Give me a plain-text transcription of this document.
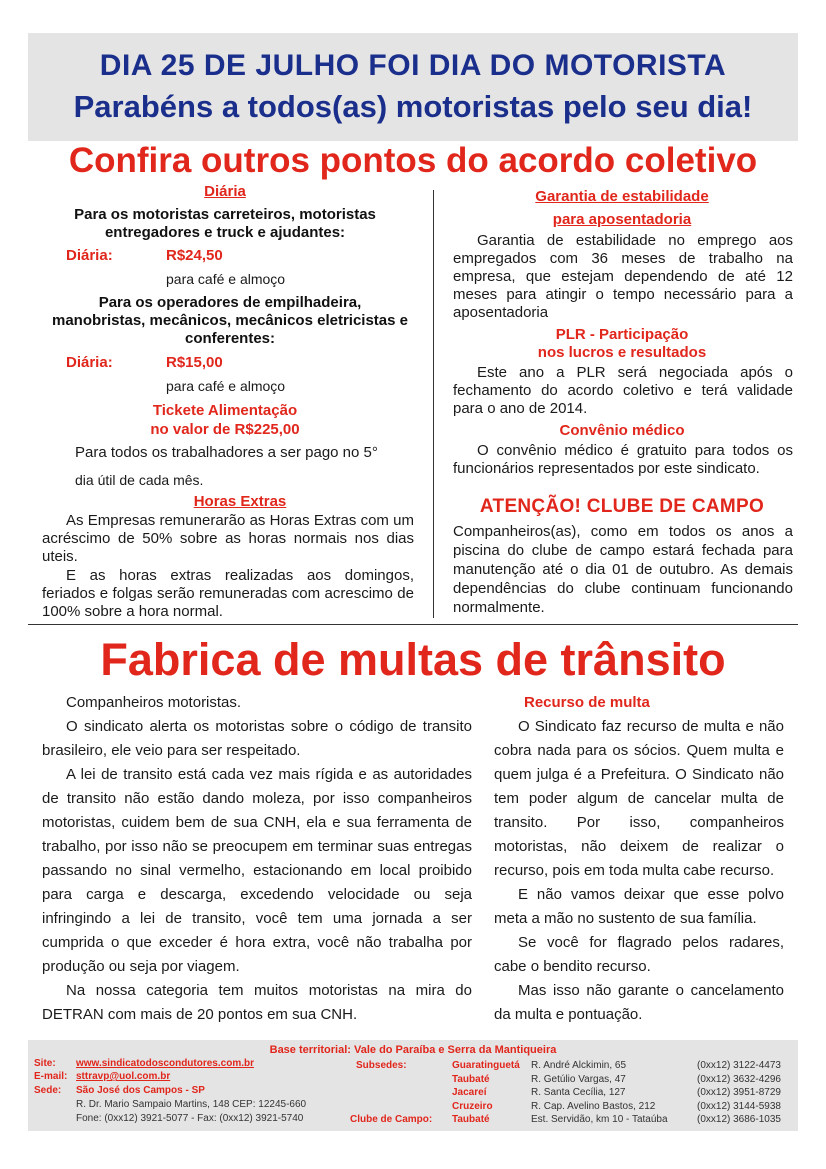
DIA 25 DE JULHO FOI DIA DO MOTORISTA
Parabéns a todos(as) motoristas pelo seu dia!
Confira outros pontos do acordo coletivo
Diária
Para os motoristas carreteiros, motoristas entregadores e truck e ajudantes:
Diária:	R$24,50
para café e almoço
Para os operadores de empilhadeira, manobristas, mecânicos, mecânicos eletricistas e conferentes:
Diária:	R$15,00
para café e almoço
Tickete Alimentação
no valor de R$225,00
Para todos os trabalhadores a ser pago no 5°
dia útil de cada mês.
Horas Extras
As Empresas remunerarão as Horas Extras com um acréscimo de 50% sobre as horas normais nos dias uteis.
E as horas extras realizadas aos domingos, feriados e folgas serão remuneradas com acrescimo de 100% sobre a hora normal.
Garantia de estabilidade
para aposentadoria
Garantia de estabilidade no emprego aos empregados com 36 meses de trabalho na empresa, que estejam dependendo de até 12 meses para atingir o tempo necessário para a aposentadoria
PLR - Participação
nos lucros e resultados
Este ano a PLR será negociada após o fechamento do acordo coletivo e terá validade para o ano de 2014.
Convênio médico
O convênio médico é gratuito para todos os funcionários representados por este sindicato.
ATENÇÃO! CLUBE DE CAMPO
Companheiros(as), como em todos os anos a piscina do clube de campo estará fechada para manutenção até o dia 01 de outubro. As demais dependências do clube continuam funcionando normalmente.
Fabrica de multas de trânsito
Companheiros motoristas.
O sindicato alerta os motoristas sobre o código de transito brasileiro, ele veio para ser respeitado.
A lei de transito está cada vez mais rígida e as autoridades de transito não estão dando moleza, por isso companheiros motoristas, cuidem bem de sua CNH, ela e sua ferramenta de trabalho, por isso não se preocupem em terminar suas entregas passando no sinal vermelho, estacionando em local proibido para carga e descarga, excedendo velocidade ou seja infringindo a lei de transito, você tem uma jornada a ser cumprida o que exceder é hora extra, você não trabalha por produção ou seja por viagem.
Na nossa categoria tem muitos motoristas na mira do DETRAN com mais de 20 pontos em sua CNH.
Recurso de multa
O Sindicato faz recurso de multa e não cobra nada para os sócios. Quem multa e quem julga é a Prefeitura. O Sindicato não tem poder algum de cancelar multa de transito. Por isso, companheiros motoristas, não deixem de realizar o recurso, pois em toda multa cabe recurso.
E não vamos deixar que esse polvo meta a mão no sustento de sua família.
Se você for flagrado pelos radares, cabe o bendito recurso.
Mas isso não garante o cancelamento da multa e pontuação.
Base territorial: Vale do Paraíba e Serra da Mantiqueira
Site: www.sindicatodoscondutores.com.br
E-mail: sttravp@uol.com.br
Sede: São José dos Campos - SP
R. Dr. Mario Sampaio Martins, 148 CEP: 12245-660
Fone: (0xx12) 3921-5077 - Fax: (0xx12) 3921-5740
Subsedes:
Clube de Campo:
Guaratinguetá R. André Alckimin, 65	(0xx12) 3122-4473
Taubaté	R. Getúlio Vargas, 47	(0xx12) 3632-4296
Jacareí	R. Santa Cecília, 127	(0xx12) 3951-8729
Cruzeiro	R. Cap. Avelino Bastos, 212	(0xx12) 3144-5938
Taubaté	Est. Servidão, km 10 - Tataúba	(0xx12) 3686-1035
